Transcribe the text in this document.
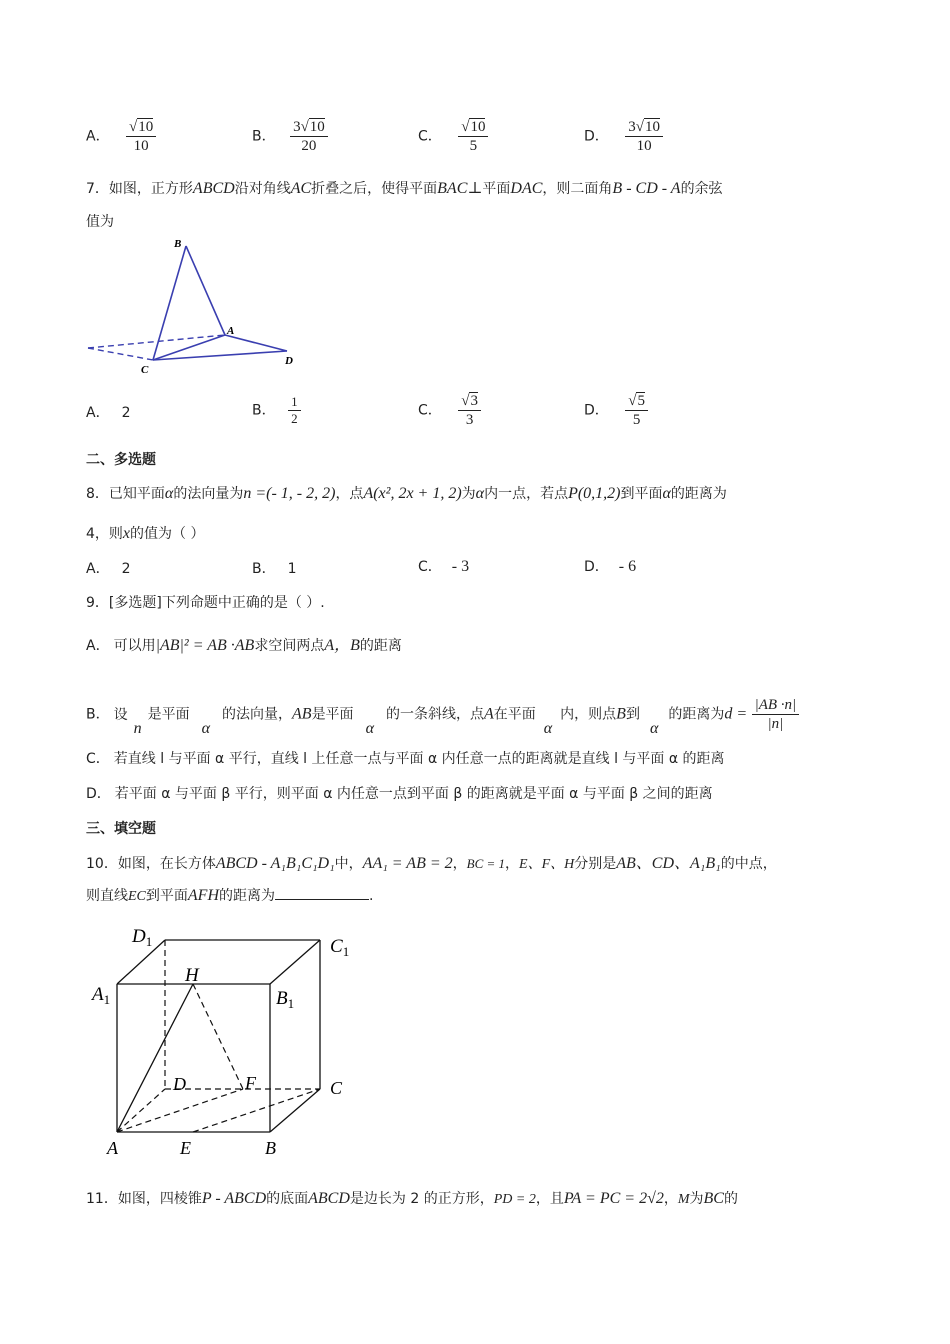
A． $\frac{√10}{10}$	B． $\frac{3√10}{20}$	C． $\frac{√10}{5}$	D． $\frac{3√10}{10}$
7．如图，正方形ABCD沿对角线AC折叠之后，使得平面BAC⊥平面DAC，则二面角B - CD - A的余弦
值为
B
A
C
D
A． 2	B． $\frac{1}{2}$	C． $\frac{√3}{3}$	D． $\frac{√5}{5}$
二、多选题
8．已知平面α的法向量为n =(- 1, - 2, 2)，点A(x², 2x + 1, 2)为α内一点，若点P(0,1,2)到平面α的距离为
4，则x的值为（ ）
A． 2	B． 1	C． - 3	D． - 6
9．[多选题]下列命题中正确的是（ ）.
A． 可以用|AB|² = AB ·AB求空间两点A，B的距离
B． 设n是平面α的法向量，AB是平面α的一条斜线，点A在平面α内，则点B到α的距离为$d = \frac{|AB \cdot n|}{|n|}$
C． 若直线 l 与平面 α 平行，直线 l 上任意一点与平面 α 内任意一点的距离就是直线 l 与平面 α 的距离
D． 若平面 α 与平面 β 平行，则平面 α 内任意一点到平面 β 的距离就是平面 α 与平面 β 之间的距离
三、填空题
10．如图，在长方体ABCD - A₁B₁C₁D₁中，AA₁ = AB = 2，BC = 1，E、F、H分别是AB、CD、A₁B₁的中点，
则直线EC到平面AFH的距离为	.
$D_1$	$C_1$
$A_1$	$B_1$
H
D	F	C
A	E	B
11．如图，四棱锥P - ABCD的底面ABCD是边长为 2 的正方形，PD = 2，且PA = PC = 2√2，M为BC的
